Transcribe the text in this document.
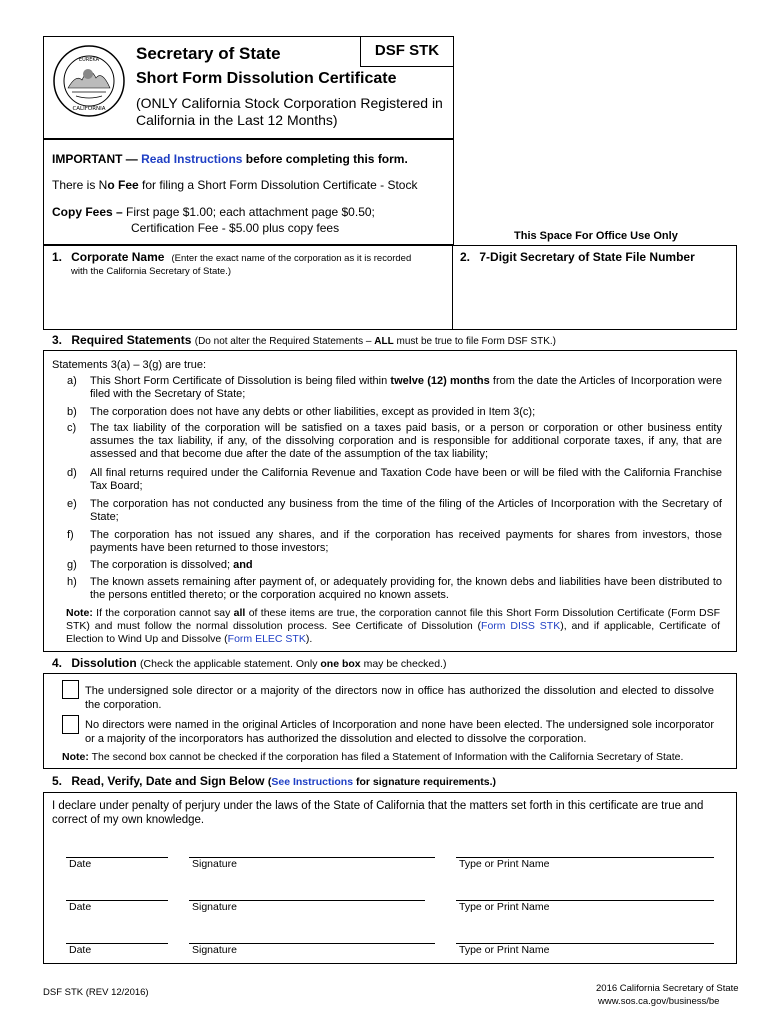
EUREKA
CALIFORNIA
Secretary of State
Short Form Dissolution Certificate
(ONLY California Stock Corporation Registered in
California in the Last 12 Months)
DSF STK
IMPORTANT — Read Instructions before completing this form.
There is No Fee for filing a Short Form Dissolution Certificate - Stock
Copy Fees – First page $1.00; each attachment page $0.50;
Certification Fee - $5.00 plus copy fees
This Space For Office Use Only
1. Corporate Name (Enter the exact name of the corporation as it is recorded
with the California Secretary of State.)
2. 7-Digit Secretary of State File Number
3. Required Statements (Do not alter the Required Statements – ALL must be true to file Form DSF STK.)
Statements 3(a) – 3(g) are true:
a)	This Short Form Certificate of Dissolution is being filed within twelve (12) months from the date the Articles of Incorporation were filed with the Secretary of State;
b)	The corporation does not have any debts or other liabilities, except as provided in Item 3(c);
c)	The tax liability of the corporation will be satisfied on a taxes paid basis, or a person or corporation or other business entity assumes the tax liability, if any, of the dissolving corporation and is responsible for additional corporate taxes, if any, that are assessed and that become due after the date of the assumption of the tax liability;
d)	All final returns required under the California Revenue and Taxation Code have been or will be filed with the California Franchise Tax Board;
e)	The corporation has not conducted any business from the time of the filing of the Articles of Incorporation with the Secretary of State;
f)	The corporation has not issued any shares, and if the corporation has received payments for shares from investors, those payments have been returned to those investors;
g)	The corporation is dissolved; and
h)	The known assets remaining after payment of, or adequately providing for, the known debs and liabilities have been distributed to the persons entitled thereto; or the corporation acquired no known assets.
Note: If the corporation cannot say all of these items are true, the corporation cannot file this Short Form Dissolution Certificate (Form DSF STK) and must follow the normal dissolution process. See Certificate of Dissolution (Form DISS STK), and if applicable, Certificate of Election to Wind Up and Dissolve (Form ELEC STK).
4. Dissolution (Check the applicable statement. Only one box may be checked.)
The undersigned sole director or a majority of the directors now in office has authorized the dissolution and elected to dissolve the corporation.
No directors were named in the original Articles of Incorporation and none have been elected. The undersigned sole incorporator or a majority of the incorporators has authorized the dissolution and elected to dissolve the corporation.
Note: The second box cannot be checked if the corporation has filed a Statement of Information with the California Secretary of State.
5. Read, Verify, Date and Sign Below (See Instructions for signature requirements.)
I declare under penalty of perjury under the laws of the State of California that the matters set forth in this certificate are true and correct of my own knowledge.
Date	Signature	Type or Print Name
Date	Signature	Type or Print Name
Date	Signature	Type or Print Name
DSF STK (REV 12/2016)	2016 California Secretary of State
www.sos.ca.gov/business/be
